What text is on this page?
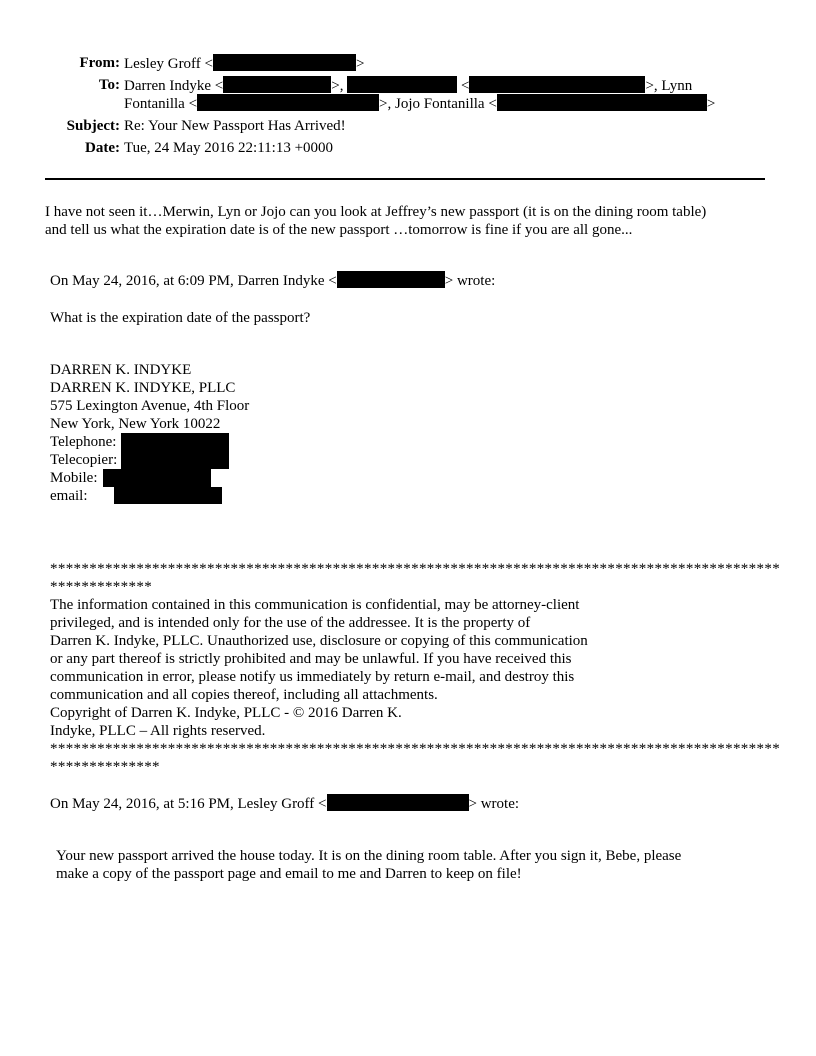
From: Lesley Groff <	>
To: Darren Indyke <	>,	<	>, Lynn
Fontanilla <	>, Jojo Fontanilla <	>
Subject: Re: Your New Passport Has Arrived!
Date: Tue, 24 May 2016 22:11:13 +0000
I have not seen it…Merwin, Lyn or Jojo can you look at Jeffrey’s new passport (it is on the dining room table)
and tell us what the expiration date is of the new passport …tomorrow is fine if you are all gone...
On May 24, 2016, at 6:09 PM, Darren Indyke <	> wrote:
What is the expiration date of the passport?
DARREN K. INDYKE
DARREN K. INDYKE, PLLC
575 Lexington Avenue, 4th Floor
New York, New York 10022
Telephone:
Telecopier:
Mobile:
email:
*********************************************************************************************
*************
The information contained in this communication is confidential, may be attorney-client
privileged, and is intended only for the use of the addressee. It is the property of
Darren K. Indyke, PLLC. Unauthorized use, disclosure or copying of this communication
or any part thereof is strictly prohibited and may be unlawful. If you have received this
communication in error, please notify us immediately by return e-mail, and destroy this
communication and all copies thereof, including all attachments.
Copyright of Darren K. Indyke, PLLC - © 2016 Darren K.
Indyke, PLLC – All rights reserved.
*********************************************************************************************
**************
On May 24, 2016, at 5:16 PM, Lesley Groff <	> wrote:
Your new passport arrived the house today. It is on the dining room table. After you sign it, Bebe, please
make a copy of the passport page and email to me and Darren to keep on file!
